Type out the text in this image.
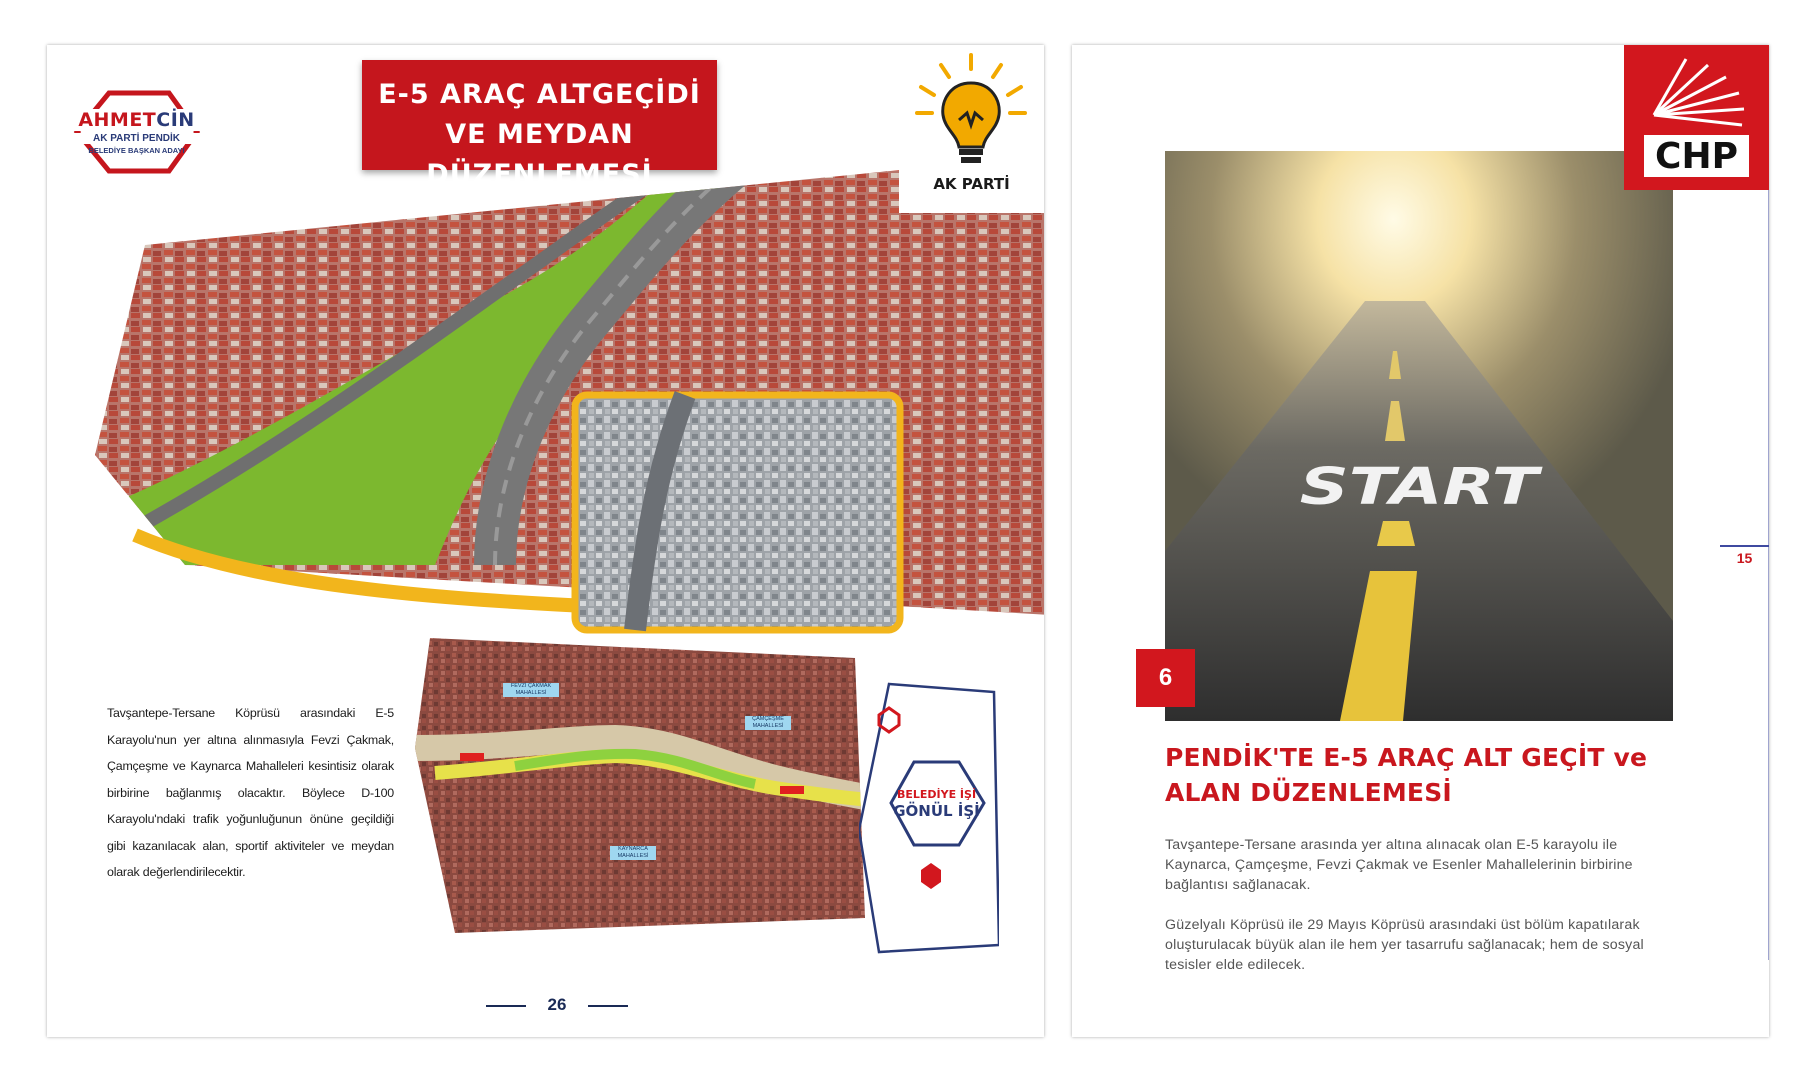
E-5 ARAÇ ALTGEÇİDİ
VE MEYDAN DÜZENLEMESİ
AHMETCİN
AK PARTİ PENDİK
BELEDİYE BAŞKAN ADAYI
AK PARTİ
Tavşantepe-Tersane Köprüsü arasındaki E-5 Karayolu'nun yer altına alınmasıyla Fevzi Çakmak, Çamçeşme ve Kaynarca Mahalleleri kesintisiz olarak birbirine bağlanmış olacaktır. Böylece D-100 Karayolu'ndaki trafik yoğunluğunun önüne geçildiği gibi kazanılacak alan, sportif aktiviteler ve meydan olarak değerlendirilecektir.
FEVZİ ÇAKMAK MAHALLESİ
ÇAMÇEŞME MAHALLESİ
KAYNARCA MAHALLESİ
BELEDİYE İŞİ
GÖNÜL İŞİ
26
START
CHP
6
PENDİK'TE E-5 ARAÇ ALT GEÇİT ve ALAN DÜZENLEMESİ
Tavşantepe-Tersane arasında yer altına alınacak olan E-5 karayolu ile Kaynarca, Çamçeşme, Fevzi Çakmak ve Esenler Mahallelerinin birbirine bağlantısı sağlanacak.
Güzelyalı Köprüsü ile 29 Mayıs Köprüsü arasındaki üst bölüm kapatılarak oluşturulacak büyük alan ile hem yer tasarrufu sağlanacak; hem de sosyal tesisler elde edilecek.
15
